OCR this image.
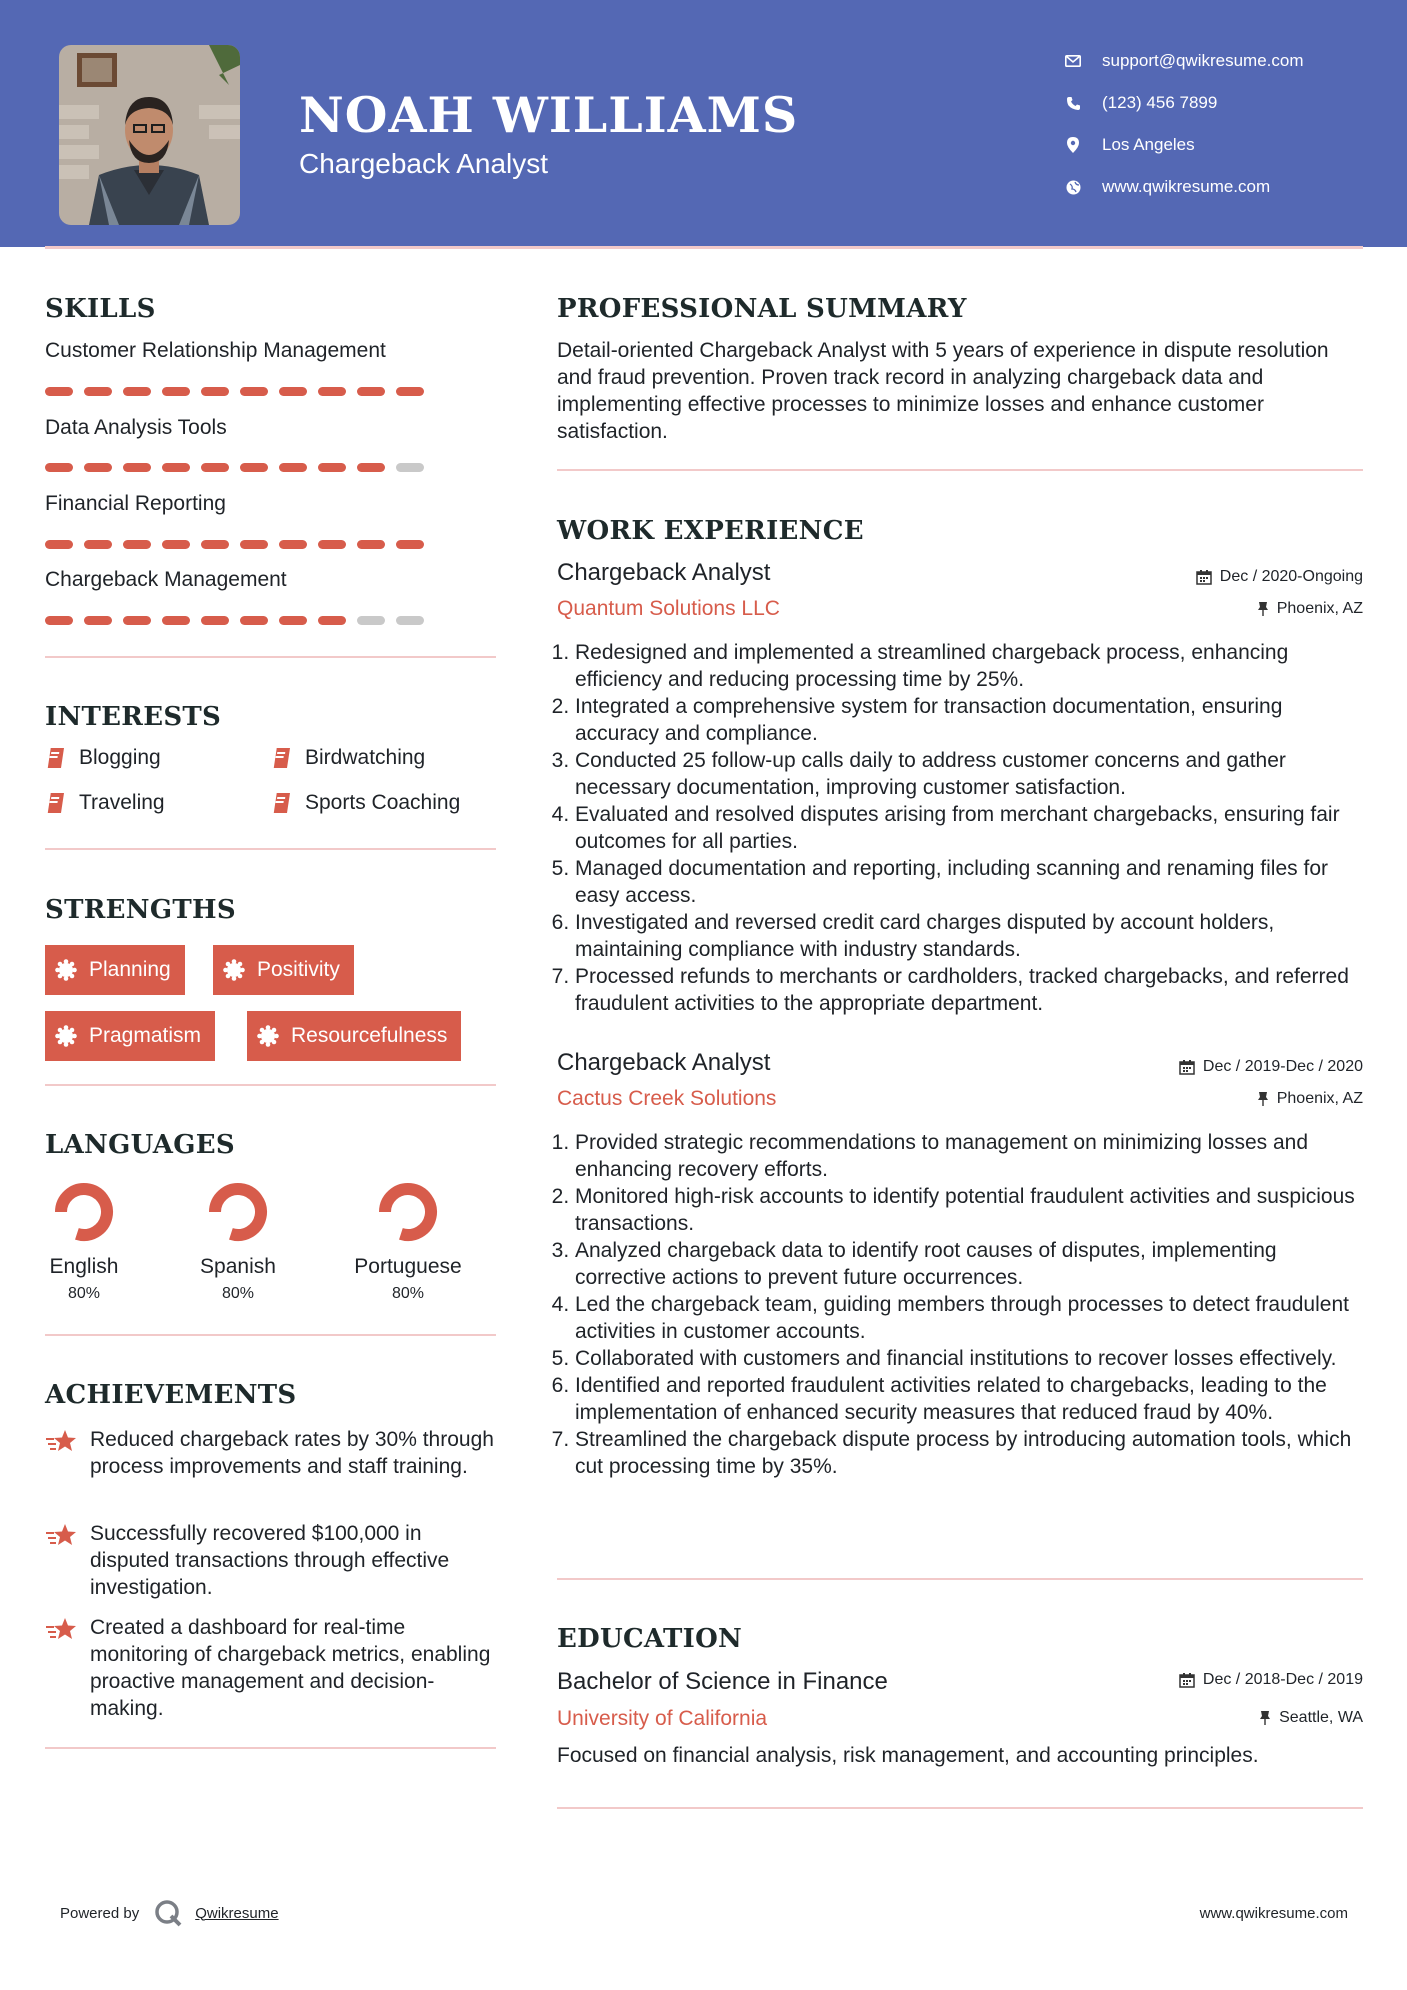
NOAH WILLIAMS
Chargeback Analyst
support@qwikresume.com
(123) 456 7899
Los Angeles
www.qwikresume.com
SKILLS
Customer Relationship Management
Data Analysis Tools
Financial Reporting
Chargeback Management
INTERESTS
Blogging	Birdwatching
Traveling	Sports Coaching
STRENGTHS
Planning	Positivity
Pragmatism	Resourcefulness
LANGUAGES
English
80%
Spanish
80%
Portuguese
80%
ACHIEVEMENTS
Reduced chargeback rates by 30% through process improvements and staff training.
Successfully recovered $100,000 in disputed transactions through effective investigation.
Created a dashboard for real-time monitoring of chargeback metrics, enabling proactive management and decision-making.
PROFESSIONAL SUMMARY
Detail-oriented Chargeback Analyst with 5 years of experience in dispute resolution and fraud prevention. Proven track record in analyzing chargeback data and implementing effective processes to minimize losses and enhance customer satisfaction.
WORK EXPERIENCE
Chargeback Analyst	Dec / 2020-Ongoing
Quantum Solutions LLC	Phoenix, AZ
1. Redesigned and implemented a streamlined chargeback process, enhancing efficiency and reducing processing time by 25%.
2. Integrated a comprehensive system for transaction documentation, ensuring accuracy and compliance.
3. Conducted 25 follow-up calls daily to address customer concerns and gather necessary documentation, improving customer satisfaction.
4. Evaluated and resolved disputes arising from merchant chargebacks, ensuring fair outcomes for all parties.
5. Managed documentation and reporting, including scanning and renaming files for easy access.
6. Investigated and reversed credit card charges disputed by account holders, maintaining compliance with industry standards.
7. Processed refunds to merchants or cardholders, tracked chargebacks, and referred fraudulent activities to the appropriate department.
Chargeback Analyst	Dec / 2019-Dec / 2020
Cactus Creek Solutions	Phoenix, AZ
1. Provided strategic recommendations to management on minimizing losses and enhancing recovery efforts.
2. Monitored high-risk accounts to identify potential fraudulent activities and suspicious transactions.
3. Analyzed chargeback data to identify root causes of disputes, implementing corrective actions to prevent future occurrences.
4. Led the chargeback team, guiding members through processes to detect fraudulent activities in customer accounts.
5. Collaborated with customers and financial institutions to recover losses effectively.
6. Identified and reported fraudulent activities related to chargebacks, leading to the implementation of enhanced security measures that reduced fraud by 40%.
7. Streamlined the chargeback dispute process by introducing automation tools, which cut processing time by 35%.
EDUCATION
Bachelor of Science in Finance	Dec / 2018-Dec / 2019
University of California	Seattle, WA
Focused on financial analysis, risk management, and accounting principles.
Powered by	Qwikresume	www.qwikresume.com
